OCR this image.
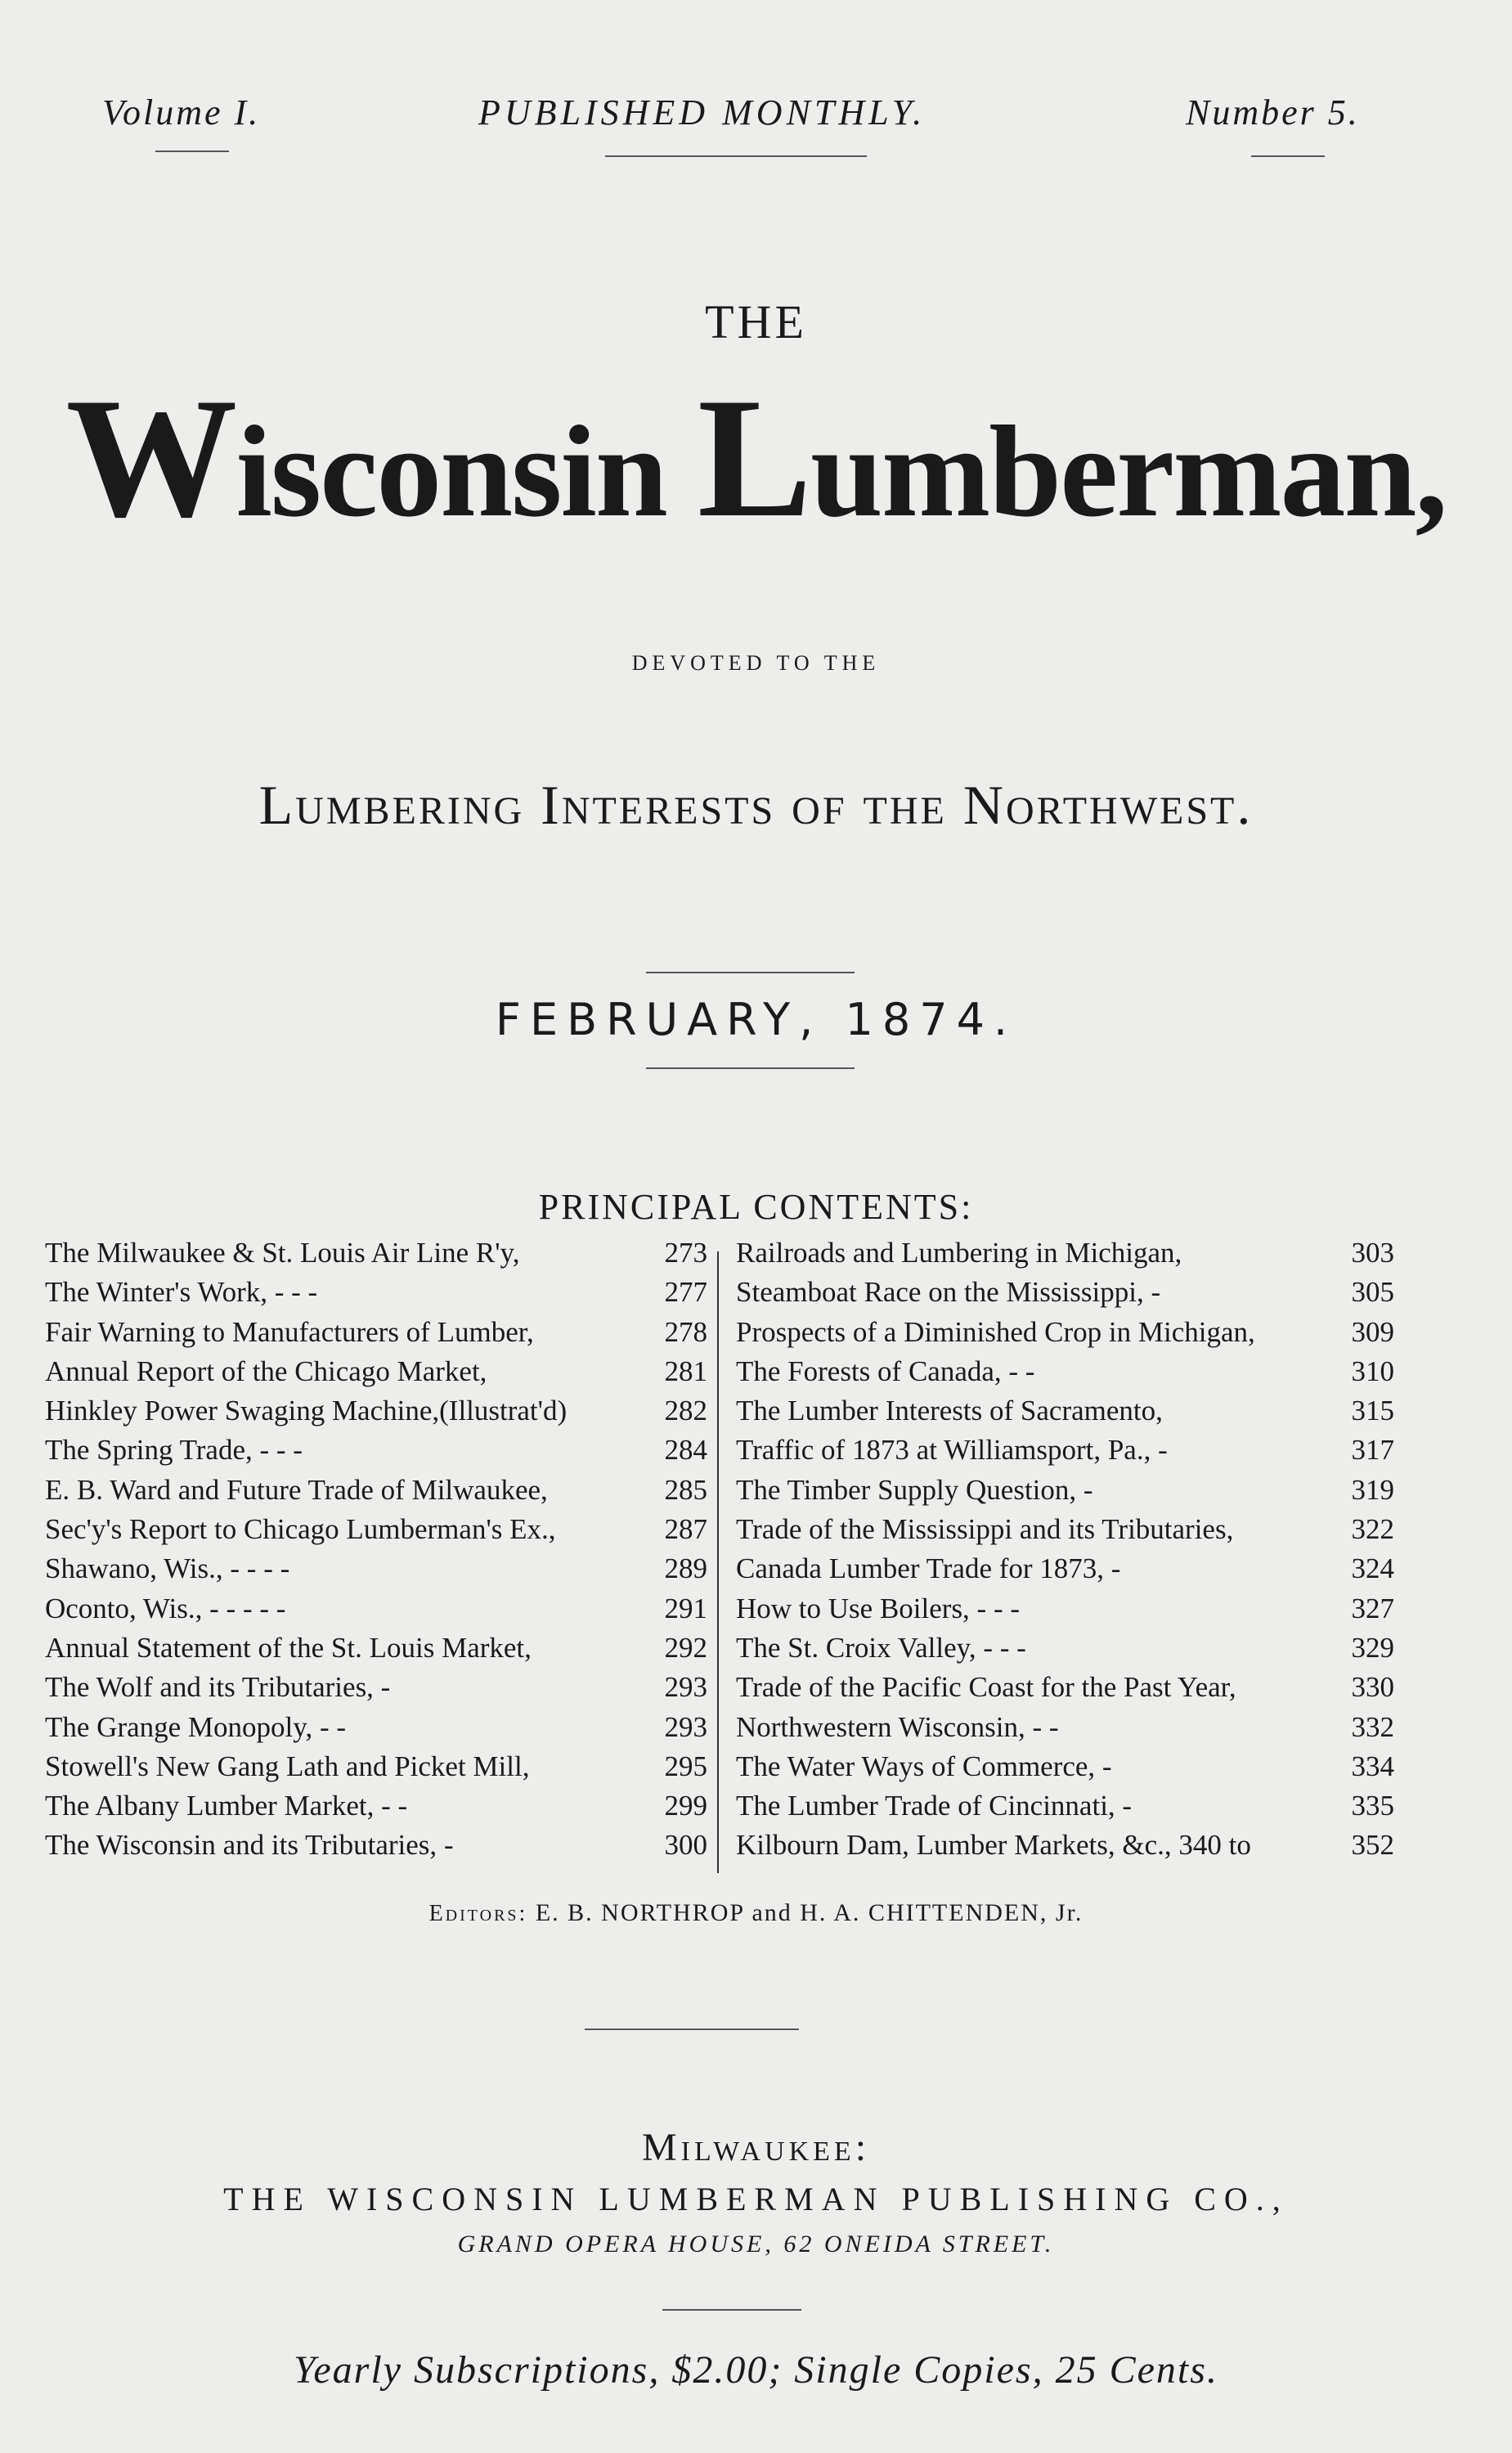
Volume I.	PUBLISHED MONTHLY.	Number 5.
THE
Wisconsin Lumberman,
DEVOTED TO THE
Lumbering Interests of the Northwest.
FEBRUARY, 1874.
PRINCIPAL CONTENTS:
The Milwaukee & St. Louis Air Line R'y,	273
The Winter's Work, - - -	277
Fair Warning to Manufacturers of Lumber,	278
Annual Report of the Chicago Market,	281
Hinkley Power Swaging Machine,(Illustrat'd)	282
The Spring Trade, - - -	284
E. B. Ward and Future Trade of Milwaukee,	285
Sec'y's Report to Chicago Lumberman's Ex.,	287
Shawano, Wis., - - - -	289
Oconto, Wis., - - - - -	291
Annual Statement of the St. Louis Market,	292
The Wolf and its Tributaries, -	293
The Grange Monopoly, - -	293
Stowell's New Gang Lath and Picket Mill,	295
The Albany Lumber Market, - -	299
The Wisconsin and its Tributaries, -	300
Railroads and Lumbering in Michigan,	303
Steamboat Race on the Mississippi, -	305
Prospects of a Diminished Crop in Michigan,	309
The Forests of Canada, - -	310
The Lumber Interests of Sacramento,	315
Traffic of 1873 at Williamsport, Pa., -	317
The Timber Supply Question, -	319
Trade of the Mississippi and its Tributaries,	322
Canada Lumber Trade for 1873, -	324
How to Use Boilers, - - -	327
The St. Croix Valley, - - -	329
Trade of the Pacific Coast for the Past Year,	330
Northwestern Wisconsin, - -	332
The Water Ways of Commerce, -	334
The Lumber Trade of Cincinnati, -	335
Kilbourn Dam, Lumber Markets, &c., 340 to	352
Editors: E. B. NORTHROP and H. A. CHITTENDEN, Jr.
Milwaukee:
THE WISCONSIN LUMBERMAN PUBLISHING CO.,
GRAND OPERA HOUSE, 62 ONEIDA STREET.
Yearly Subscriptions, $2.00; Single Copies, 25 Cents.
